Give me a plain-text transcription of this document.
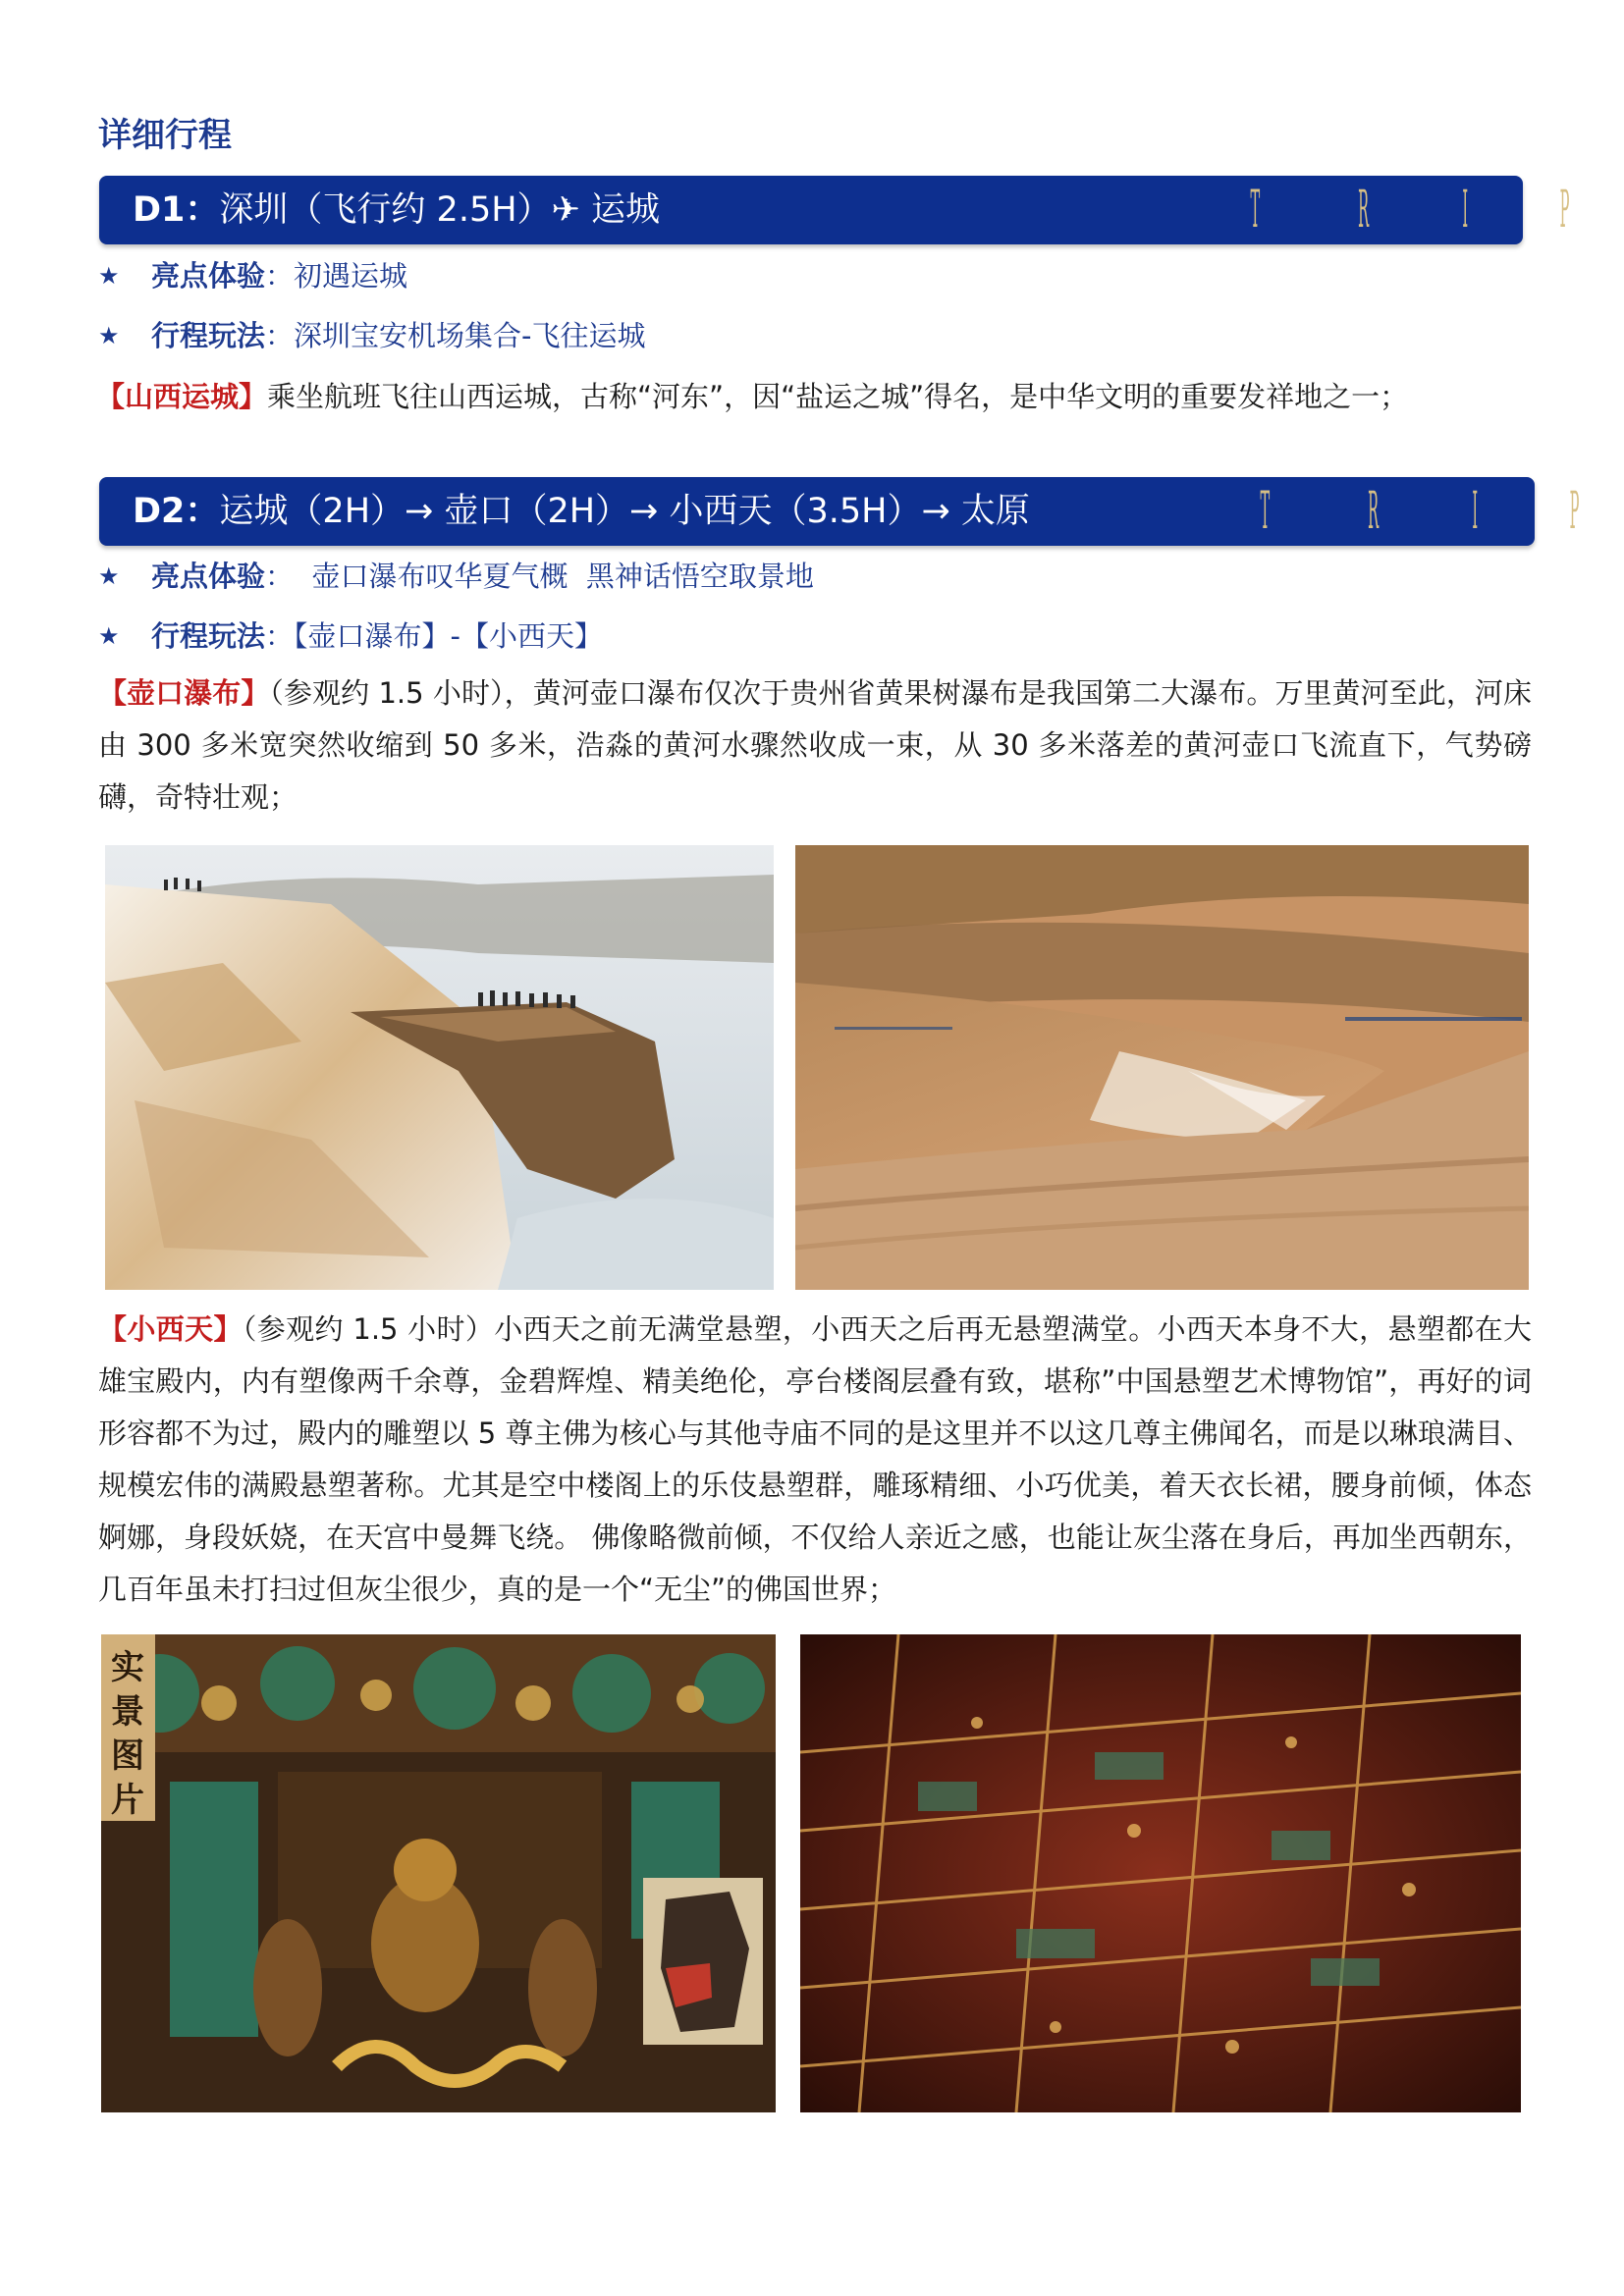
详细行程
D1：深圳（飞行约 2.5H）✈ 运城	T R I P
★	亮点体验 ：初遇运城
★	行程玩法 ：深圳宝安机场集合-飞往运城
【山西运城】乘坐航班飞往山西运城，古称“河东”，因“盐运之城”得名，是中华文明的重要发祥地之一；
D2：运城（2H）→ 壶口（2H）→ 小西天（3.5H）→ 太原	T R I P
★	亮点体验 ：  壶口瀑布叹华夏气概  黑神话悟空取景地
★	行程玩法 ：【壶口瀑布】-【小西天】
【壶口瀑布】（参观约 1.5 小时），黄河壶口瀑布仅次于贵州省黄果树瀑布是我国第二大瀑布。万里黄河至此，河床由 300 多米宽突然收缩到 50 多米，浩淼的黄河水骤然收成一束，从 30 多米落差的黄河壶口飞流直下，气势磅礴，奇特壮观；
【小西天】（参观约 1.5 小时）小西天之前无满堂悬塑，小西天之后再无悬塑满堂。小西天本身不大，悬塑都在大雄宝殿内，内有塑像两千余尊，金碧辉煌、精美绝伦，亭台楼阁层叠有致，堪称”中国悬塑艺术博物馆”，再好的词形容都不为过，殿内的雕塑以 5 尊主佛为核心与其他寺庙不同的是这里并不以这几尊主佛闻名，而是以琳琅满目、规模宏伟的满殿悬塑著称。尤其是空中楼阁上的乐伎悬塑群，雕琢精细、小巧优美，着天衣长裙，腰身前倾，体态婀娜，身段妖娆，在天宫中曼舞飞绕。 佛像略微前倾，不仅给人亲近之感，也能让灰尘落在身后，再加坐西朝东，几百年虽未打扫过但灰尘很少，真的是一个“无尘”的佛国世界；
实
景
图
片
